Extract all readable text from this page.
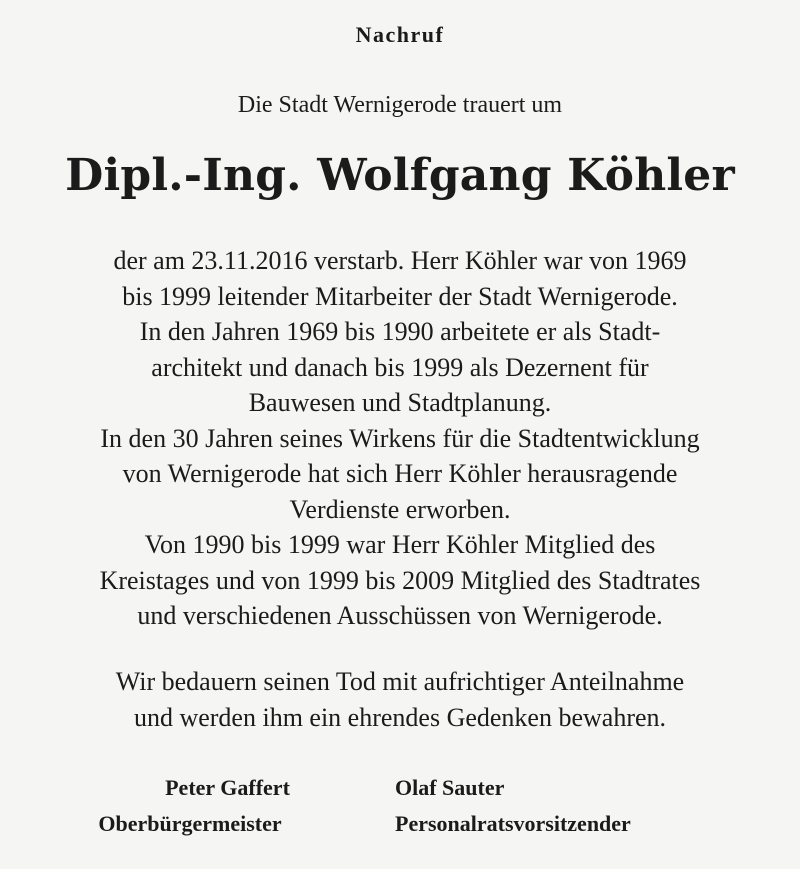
Nachruf
Die Stadt Wernigerode trauert um
Dipl.-Ing. Wolfgang Köhler
der am 23.11.2016 verstarb. Herr Köhler war von 1969
bis 1999 leitender Mitarbeiter der Stadt Wernigerode.
In den Jahren 1969 bis 1990 arbeitete er als Stadt-
architekt und danach bis 1999 als Dezernent für
Bauwesen und Stadtplanung.
In den 30 Jahren seines Wirkens für die Stadtentwicklung
von Wernigerode hat sich Herr Köhler herausragende
Verdienste erworben.
Von 1990 bis 1999 war Herr Köhler Mitglied des
Kreistages und von 1999 bis 2009 Mitglied des Stadtrates
und verschiedenen Ausschüssen von Wernigerode.
Wir bedauern seinen Tod mit aufrichtiger Anteilnahme
und werden ihm ein ehrendes Gedenken bewahren.
Peter Gaffert
Oberbürgermeister
Olaf Sauter
Personalratsvorsitzender
